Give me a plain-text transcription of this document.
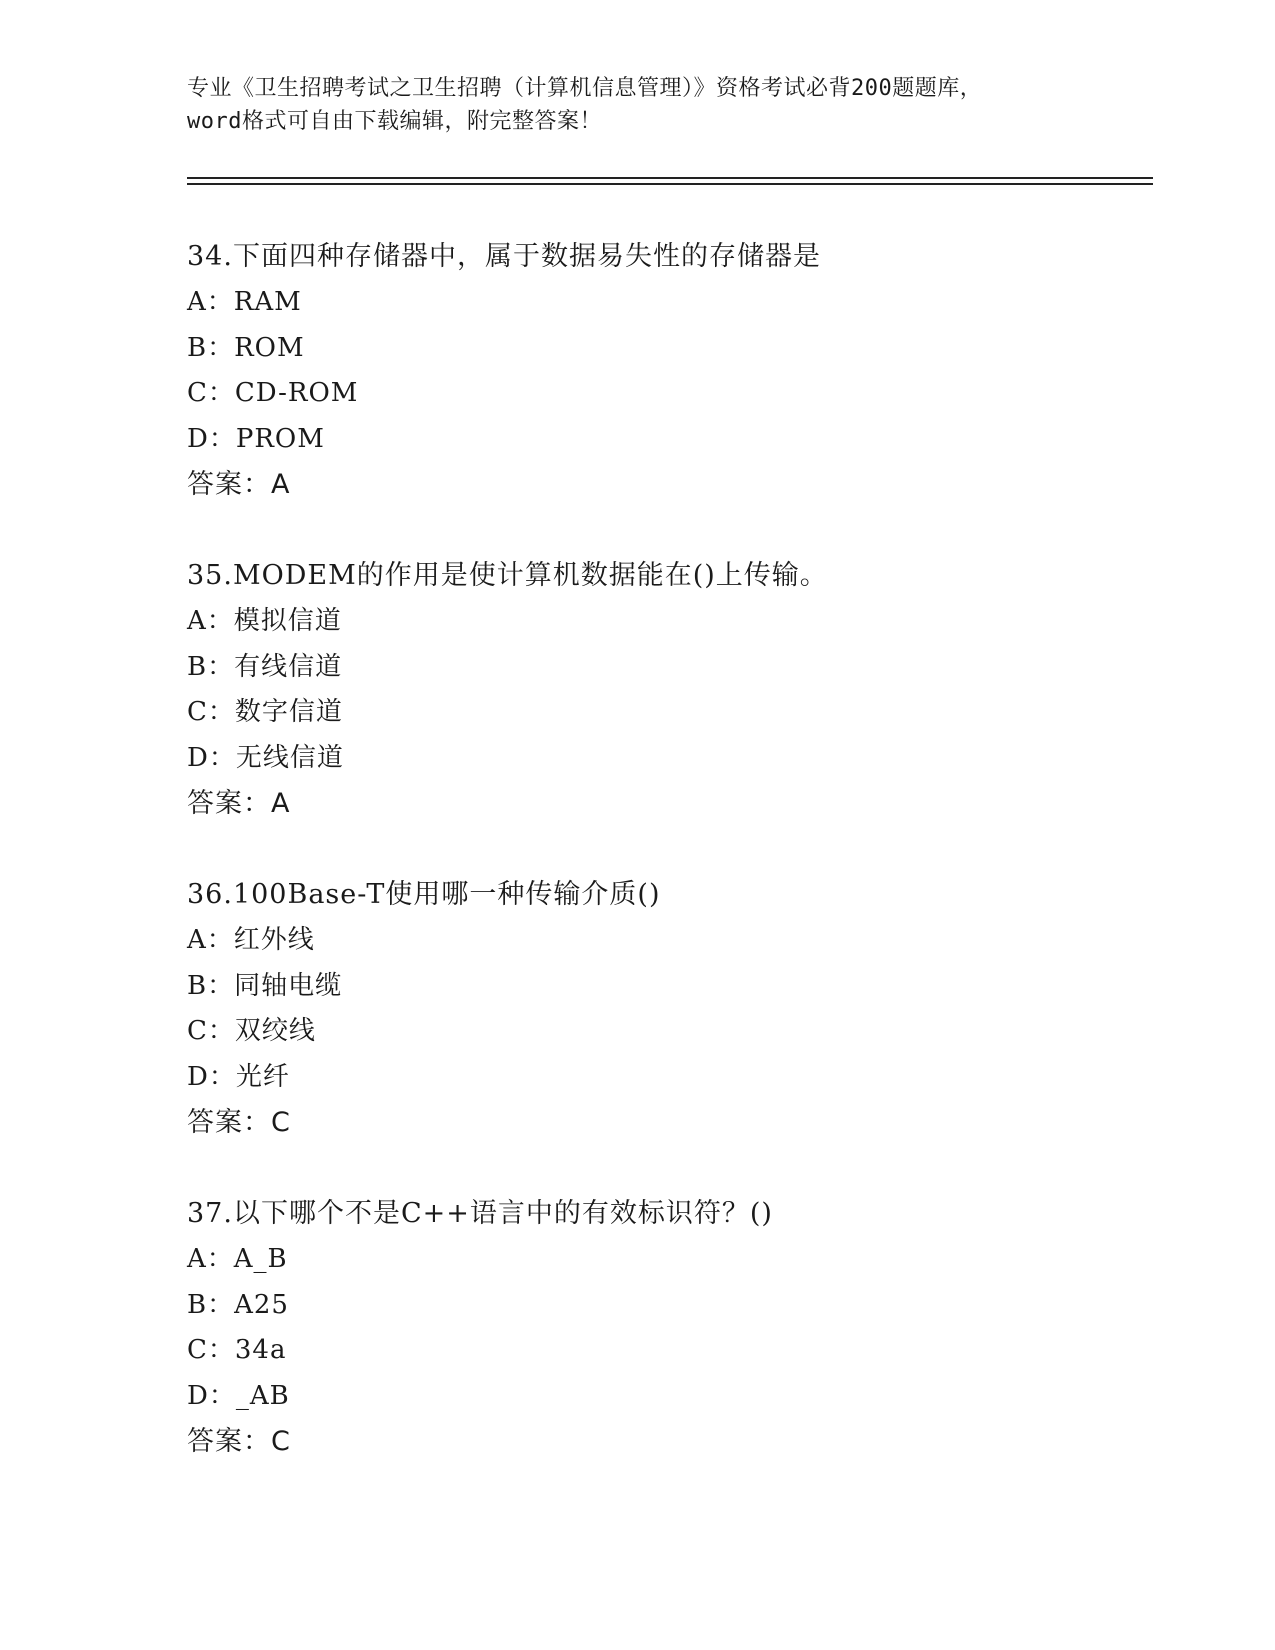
专业《卫生招聘考试之卫生招聘（计算机信息管理）》资格考试必背200题题库，
word格式可自由下载编辑，附完整答案！
34.下面四种存储器中，属于数据易失性的存储器是
A：RAM
B：ROM
C：CD-ROM
D：PROM
答案：A
35.MODEM的作用是使计算机数据能在()上传输。
A：模拟信道
B：有线信道
C：数字信道
D：无线信道
答案：A
36.100Base-T使用哪一种传输介质()
A：红外线
B：同轴电缆
C：双绞线
D：光纤
答案：C
37.以下哪个不是C++语言中的有效标识符？()
A：A_B
B：A25
C：34a
D：_AB
答案：C
